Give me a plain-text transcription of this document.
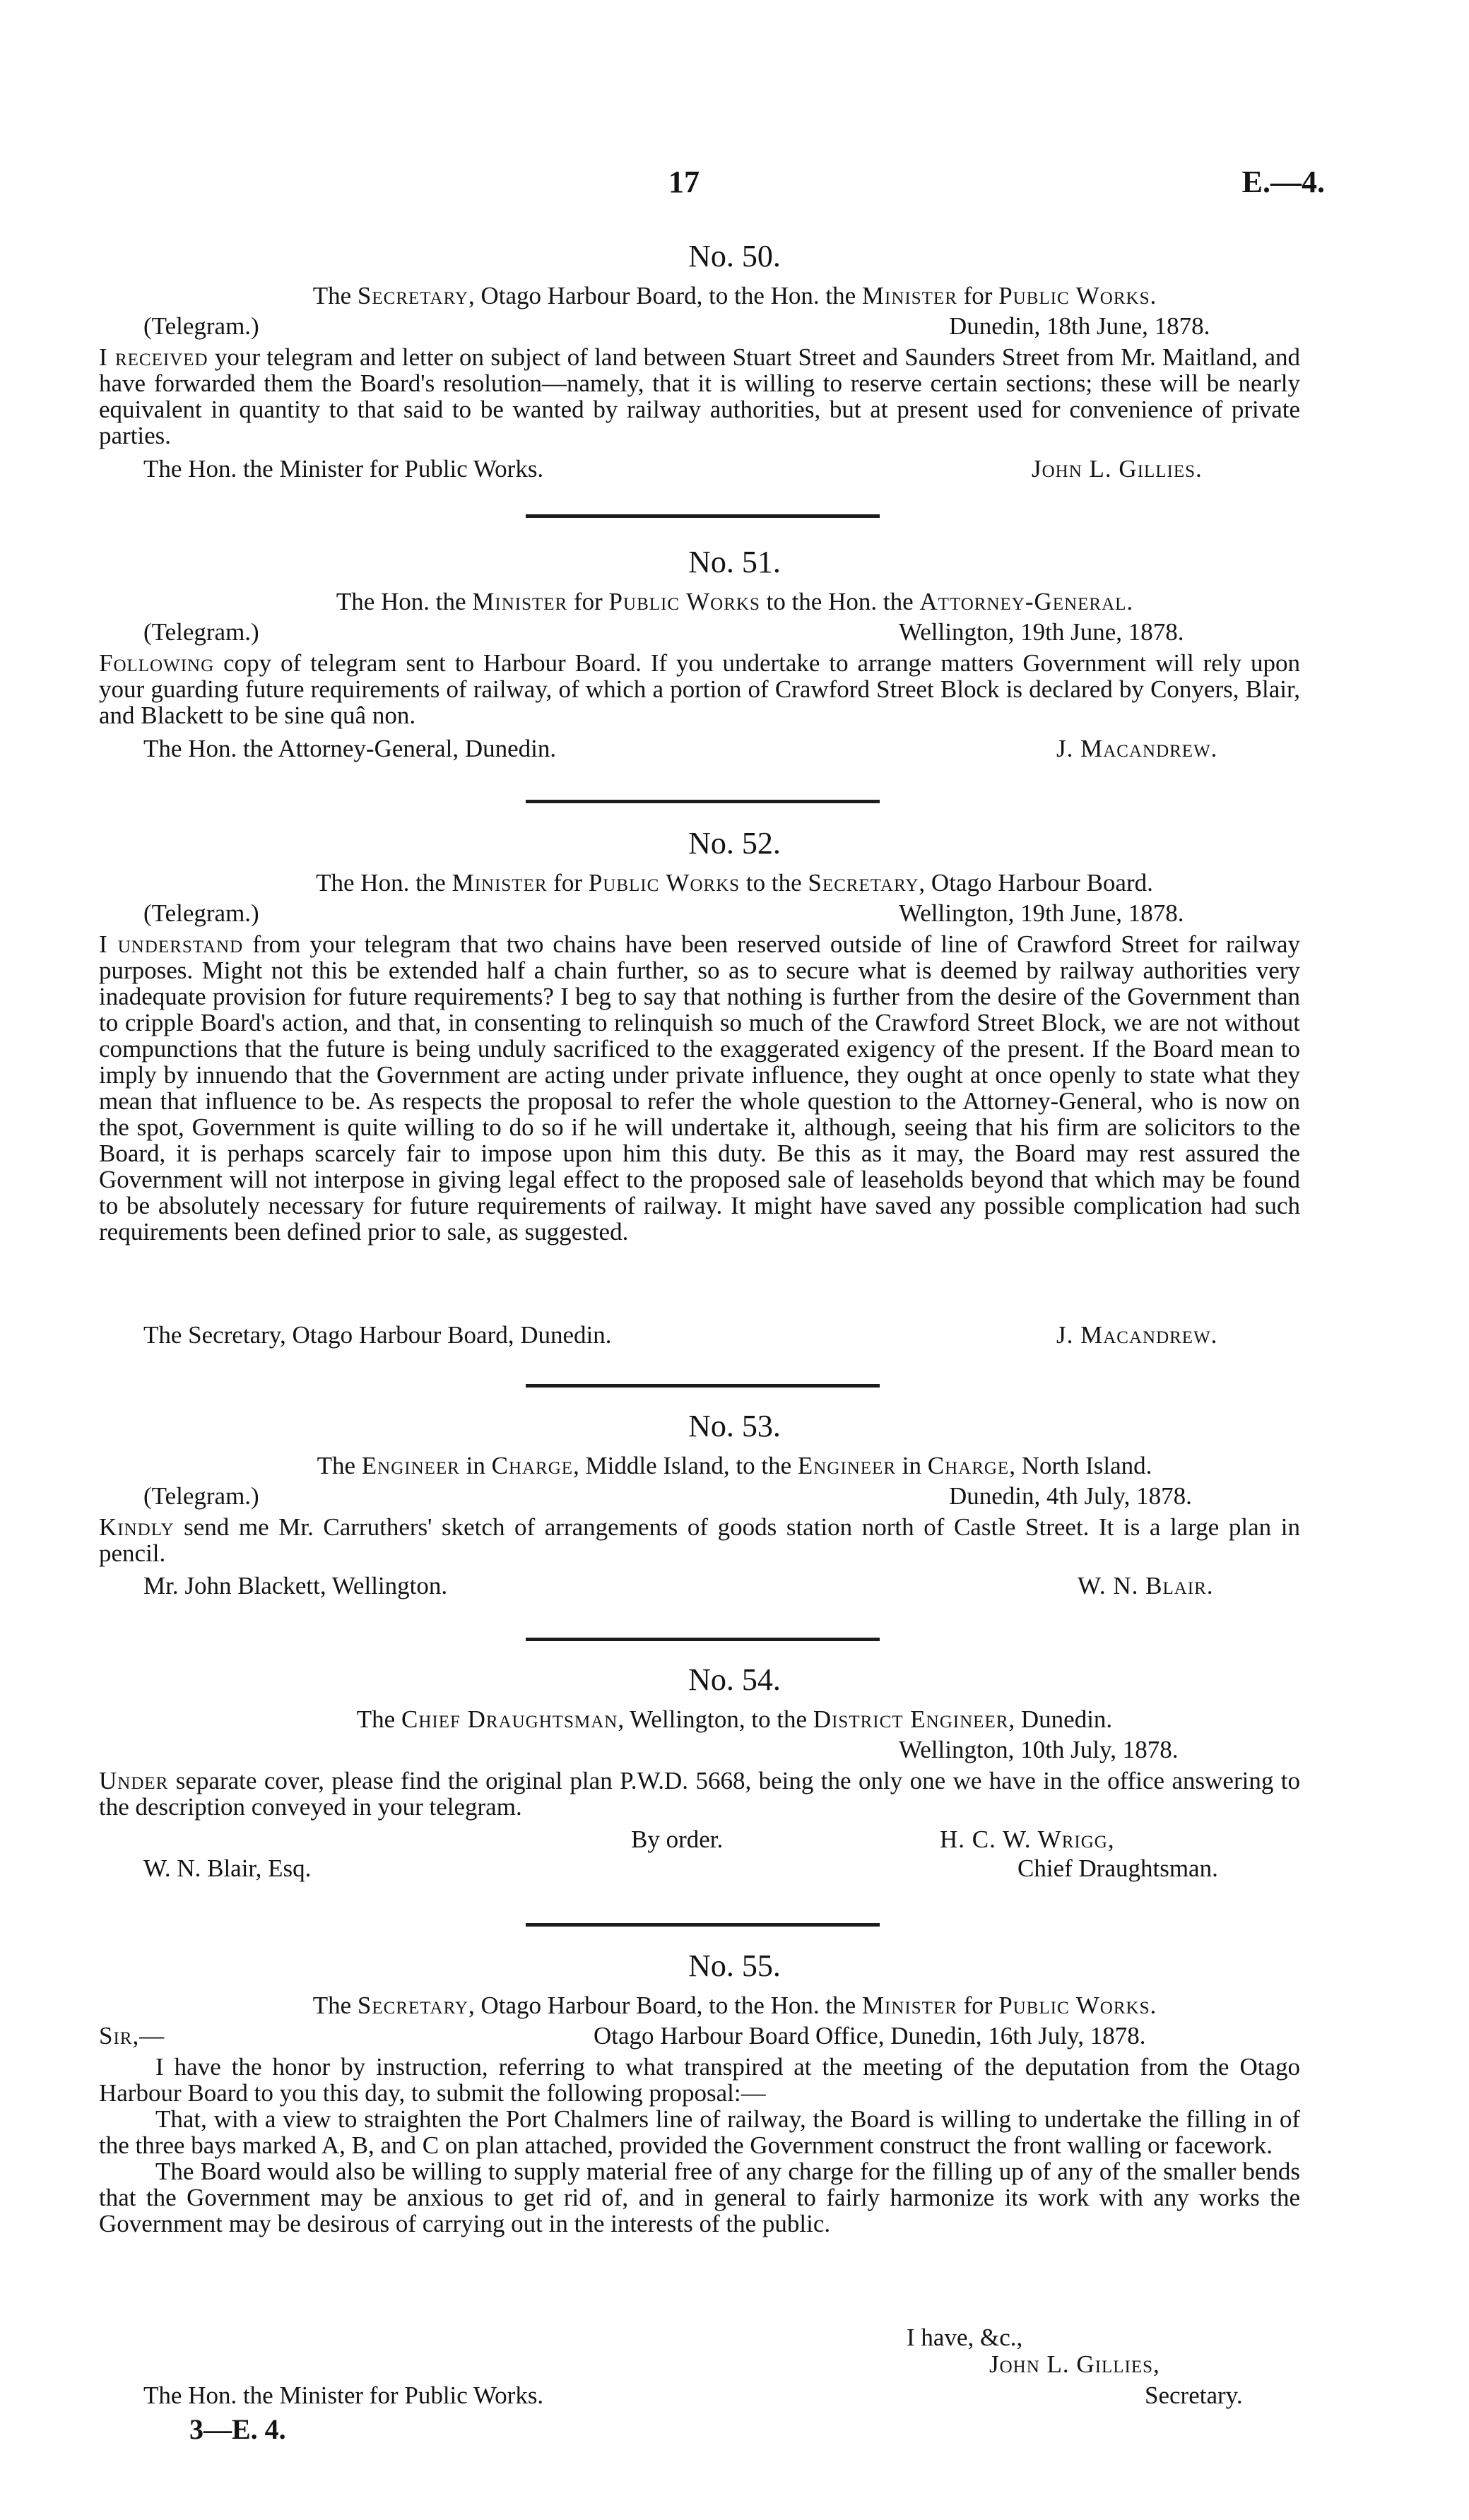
17	E.—4.
No. 50.
The Secretary, Otago Harbour Board, to the Hon. the Minister for Public Works.
(Telegram.)	Dunedin, 18th June, 1878.

I received your telegram and letter on subject of land between Stuart Street and Saunders Street from Mr. Maitland, and have forwarded them the Board's resolution—namely, that it is willing to reserve certain sections; these will be nearly equivalent in quantity to that said to be wanted by railway authorities, but at present used for convenience of private parties.

The Hon. the Minister for Public Works.	John L. Gillies.
No. 51.
The Hon. the Minister for Public Works to the Hon. the Attorney-General.
(Telegram.)	Wellington, 19th June, 1878.

Following copy of telegram sent to Harbour Board. If you undertake to arrange matters Government will rely upon your guarding future requirements of railway, of which a portion of Crawford Street Block is declared by Conyers, Blair, and Blackett to be sine quâ non.

The Hon. the Attorney-General, Dunedin.	J. Macandrew.
No. 52.
The Hon. the Minister for Public Works to the Secretary, Otago Harbour Board.
(Telegram.)	Wellington, 19th June, 1878.

I understand from your telegram that two chains have been reserved outside of line of Crawford Street for railway purposes. Might not this be extended half a chain further, so as to secure what is deemed by railway authorities very inadequate provision for future requirements? I beg to say that nothing is further from the desire of the Government than to cripple Board's action, and that, in consenting to relinquish so much of the Crawford Street Block, we are not without compunctions that the future is being unduly sacrificed to the exaggerated exigency of the present. If the Board mean to imply by innuendo that the Government are acting under private influence, they ought at once openly to state what they mean that influence to be. As respects the proposal to refer the whole question to the Attorney-General, who is now on the spot, Government is quite willing to do so if he will undertake it, although, seeing that his firm are solicitors to the Board, it is perhaps scarcely fair to impose upon him this duty. Be this as it may, the Board may rest assured the Government will not interpose in giving legal effect to the proposed sale of leaseholds beyond that which may be found to be absolutely necessary for future requirements of railway. It might have saved any possible complication had such requirements been defined prior to sale, as suggested.

The Secretary, Otago Harbour Board, Dunedin.	J. Macandrew.
No. 53.
The Engineer in Charge, Middle Island, to the Engineer in Charge, North Island.
(Telegram.)	Dunedin, 4th July, 1878.

Kindly send me Mr. Carruthers' sketch of arrangements of goods station north of Castle Street. It is a large plan in pencil.

Mr. John Blackett, Wellington.	W. N. Blair.
No. 54.
The Chief Draughtsman, Wellington, to the District Engineer, Dunedin.
Wellington, 10th July, 1878.

Under separate cover, please find the original plan P.W.D. 5668, being the only one we have in the office answering to the description conveyed in your telegram.

By order.	H. C. W. Wrigg,
W. N. Blair, Esq.	Chief Draughtsman.
No. 55.
The Secretary, Otago Harbour Board, to the Hon. the Minister for Public Works.
Sir,—	Otago Harbour Board Office, Dunedin, 16th July, 1878.

I have the honor by instruction, referring to what transpired at the meeting of the deputation from the Otago Harbour Board to you this day, to submit the following proposal:—

That, with a view to straighten the Port Chalmers line of railway, the Board is willing to undertake the filling in of the three bays marked A, B, and C on plan attached, provided the Government construct the front walling or facework.

The Board would also be willing to supply material free of any charge for the filling up of any of the smaller bends that the Government may be anxious to get rid of, and in general to fairly harmonize its work with any works the Government may be desirous of carrying out in the interests of the public.

I have, &c.,
John L. Gillies,
The Hon. the Minister for Public Works.	Secretary.
3—E. 4.
